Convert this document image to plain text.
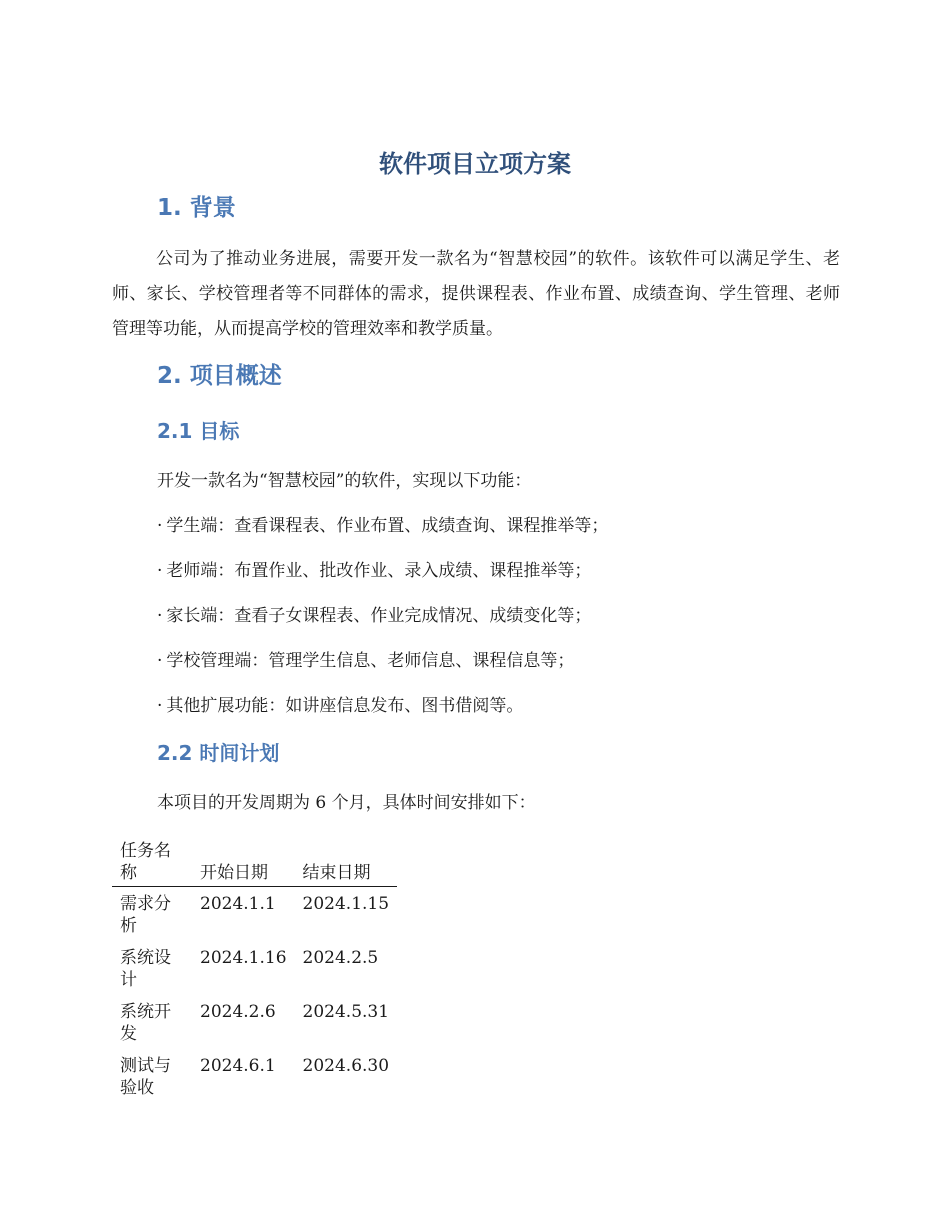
软件项目立项方案
1. 背景
公司为了推动业务进展，需要开发一款名为“智慧校园”的软件。该软件可以满足学生、老师、家长、学校管理者等不同群体的需求，提供课程表、作业布置、成绩查询、学生管理、老师管理等功能，从而提高学校的管理效率和教学质量。
2. 项目概述
2.1 目标
开发一款名为“智慧校园”的软件，实现以下功能：
· 学生端：查看课程表、作业布置、成绩查询、课程推举等；
· 老师端：布置作业、批改作业、录入成绩、课程推举等；
· 家长端：查看子女课程表、作业完成情况、成绩变化等；
· 学校管理端：管理学生信息、老师信息、课程信息等；
· 其他扩展功能：如讲座信息发布、图书借阅等。
2.2 时间计划
本项目的开发周期为 6 个月，具体时间安排如下：
任务名称	开始日期	结束日期
需求分析	2024.1.1	2024.1.15
系统设计	2024.1.16	2024.2.5
系统开发	2024.2.6	2024.5.31
测试与验收	2024.6.1	2024.6.30
